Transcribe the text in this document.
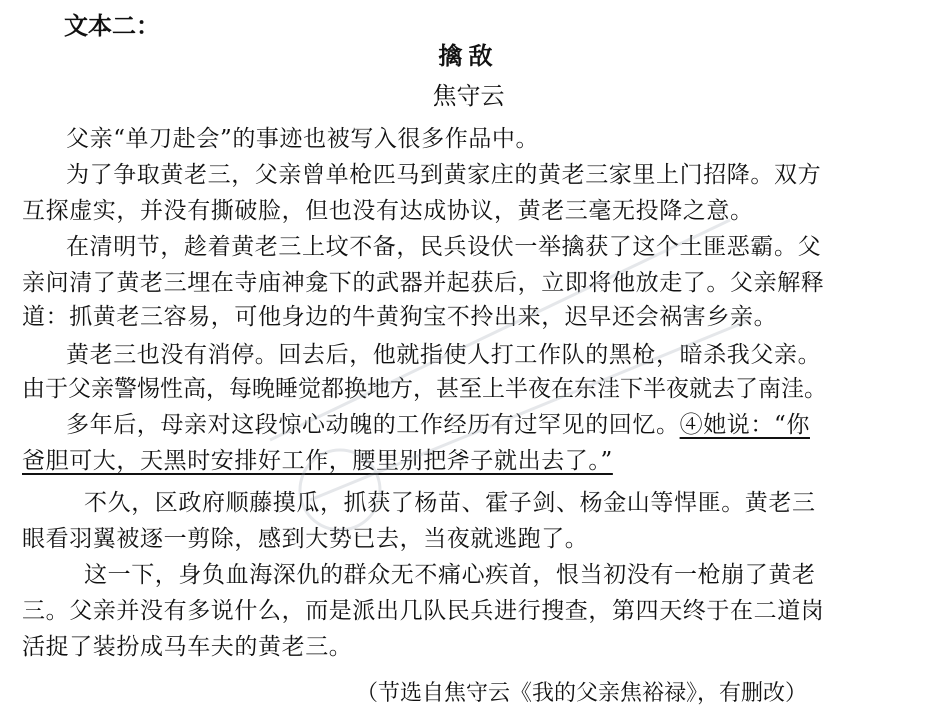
文本二：
擒敌
焦守云
父亲“单刀赴会”的事迹也被写入很多作品中。
为了争取黄老三，父亲曾单枪匹马到黄家庄的黄老三家里上门招降。双方
互探虚实，并没有撕破脸，但也没有达成协议，黄老三毫无投降之意。
在清明节，趁着黄老三上坟不备，民兵设伏一举擒获了这个土匪恶霸。父
亲问清了黄老三埋在寺庙神龛下的武器并起获后，立即将他放走了。父亲解释
道：抓黄老三容易，可他身边的牛黄狗宝不拎出来，迟早还会祸害乡亲。
黄老三也没有消停。回去后，他就指使人打工作队的黑枪，暗杀我父亲。
由于父亲警惕性高，每晚睡觉都换地方，甚至上半夜在东洼下半夜就去了南洼。
多年后，母亲对这段惊心动魄的工作经历有过罕见的回忆。④她说：“你
爸胆可大，天黑时安排好工作，腰里别把斧子就出去了。”
不久，区政府顺藤摸瓜，抓获了杨苗、霍子剑、杨金山等悍匪。黄老三
眼看羽翼被逐一剪除，感到大势已去，当夜就逃跑了。
这一下，身负血海深仇的群众无不痛心疾首，恨当初没有一枪崩了黄老
三。父亲并没有多说什么，而是派出几队民兵进行搜查，第四天终于在二道岗
活捉了装扮成马车夫的黄老三。
（节选自焦守云《我的父亲焦裕禄》，有删改）
